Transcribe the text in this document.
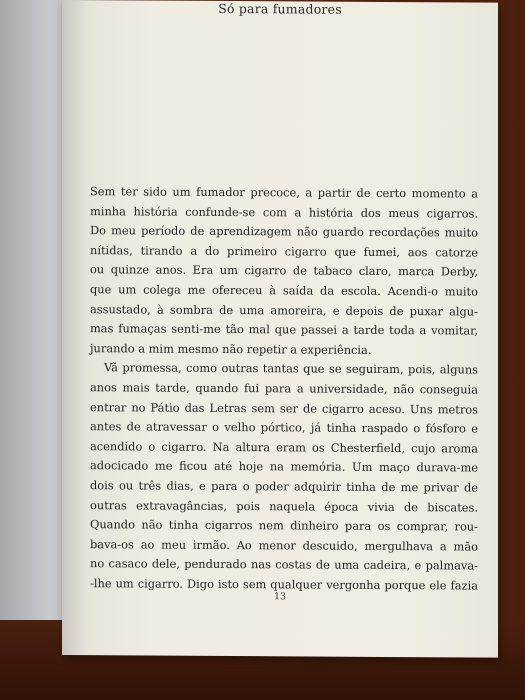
Só para fumadores

Sem ter sido um fumador precoce, a partir de certo momento a
minha história confunde-se com a história dos meus cigarros.
Do meu período de aprendizagem não guardo recordações muito
nítidas, tirando a do primeiro cigarro que fumei, aos catorze
ou quinze anos. Era um cigarro de tabaco claro, marca Derby,
que um colega me ofereceu à saída da escola. Acendi-o muito
assustado, à sombra de uma amoreira, e depois de puxar algu-
mas fumaças senti-me tão mal que passei a tarde toda a vomitar,
jurando a mim mesmo não repetir a experiência.

Vã promessa, como outras tantas que se seguiram, pois, alguns
anos mais tarde, quando fui para a universidade, não conseguia
entrar no Pátio das Letras sem ser de cigarro aceso. Uns metros
antes de atravessar o velho pórtico, já tinha raspado o fósforo e
acendido o cigarro. Na altura eram os Chesterfield, cujo aroma
adocicado me ficou até hoje na memória. Um maço durava-me
dois ou três dias, e para o poder adquirir tinha de me privar de
outras extravagâncias, pois naquela época vivia de biscates.
Quando não tinha cigarros nem dinheiro para os comprar, rou-
bava-os ao meu irmão. Ao menor descuido, mergulhava a mão
no casaco dele, pendurado nas costas de uma cadeira, e palmava-
-lhe um cigarro. Digo isto sem qualquer vergonha porque ele fazia

13
